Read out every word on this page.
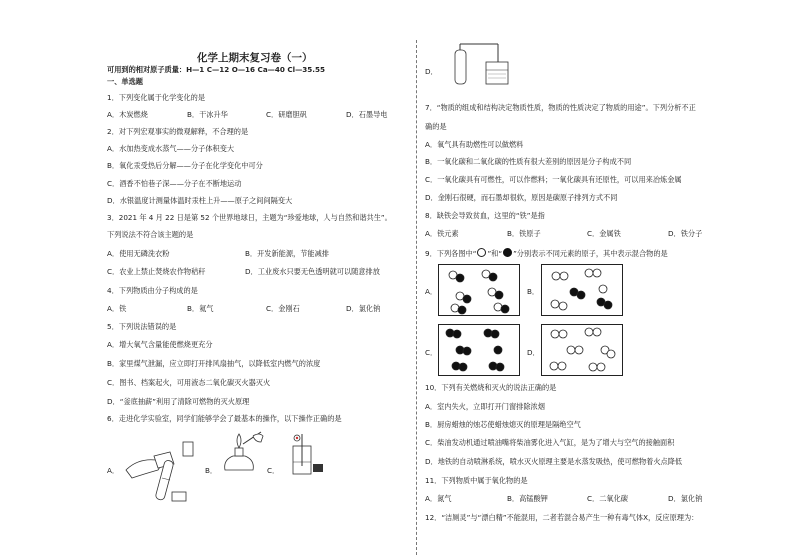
化学上期末复习卷（一）
可用到的相对原子质量：H—1 C—12 O—16 Ca—40 Cl—35.55
一、单选题
1．下列变化属于化学变化的是
A．木炭燃烧	B．干冰升华	C．研磨胆矾	D．石墨导电
2．对下列宏观事实的微观解释，不合理的是
A．水加热变成水蒸气——分子体积变大
B．氧化汞受热后分解——分子在化学变化中可分
C．酒香不怕巷子深——分子在不断地运动
D．水银温度计测量体温时汞柱上升——原子之间间隔变大
3．2021 年 4 月 22 日是第 52 个世界地球日，主题为“珍爱地球，人与自然和谐共生”。
下列说法不符合该主题的是
A．使用无磷洗衣粉	B．开发新能源，节能减排
C．农业上禁止焚烧农作物秸秆	D．工业废水只要无色透明就可以随意排放
4．下列物质由分子构成的是
A．铁	B．氦气	C．金刚石	D．氯化钠
5．下列说法错误的是
A．增大氧气含量能使燃烧更充分
B．家里煤气泄漏，应立即打开排风扇抽气，以降低室内燃气的浓度
C．图书、档案起火，可用液态二氧化碳灭火器灭火
D．“釜底抽薪”利用了清除可燃物的灭火原理
6．走进化学实验室，同学们能够学会了最基本的操作，以下操作正确的是
A．	B．	C．
D．
7．“物质的组成和结构决定物质性质，物质的性质决定了物质的用途”。下列分析不正
确的是
A．氧气具有助燃性可以做燃料
B．一氧化碳和二氧化碳的性质有很大差别的原因是分子构成不同
C．一氧化碳具有可燃性，可以作燃料；一氧化碳具有还原性，可以用来冶炼金属
D．金刚石很硬，而石墨却很软，原因是碳原子排列方式不同
8．缺铁会导致贫血，这里的“铁”是指
A．铁元素	B．铁原子	C．金属铁	D．铁分子
9．下列各图中“ ”和“ ”分别表示不同元素的原子，其中表示混合物的是
A．	B．
C．	D．
10．下列有关燃烧和灭火的说法正确的是
A．室内失火，立即打开门窗排除浓烟
B．厨房蜡烛的烛芯使蜡烛熄灭的原理是隔绝空气
C．柴油发动机通过喷油嘴将柴油雾化进入气缸，是为了增大与空气的接触面积
D．地铁的自动喷淋系统，喷水灭火原理主要是水蒸发吸热，使可燃物着火点降低
11．下列物质中属于氧化物的是
A．氮气	B．高锰酸钾	C．二氧化碳	D．氯化钠
12．“洁厕灵”与“漂白精”不能混用，二者若混合易产生一种有毒气体X，反应原理为：
